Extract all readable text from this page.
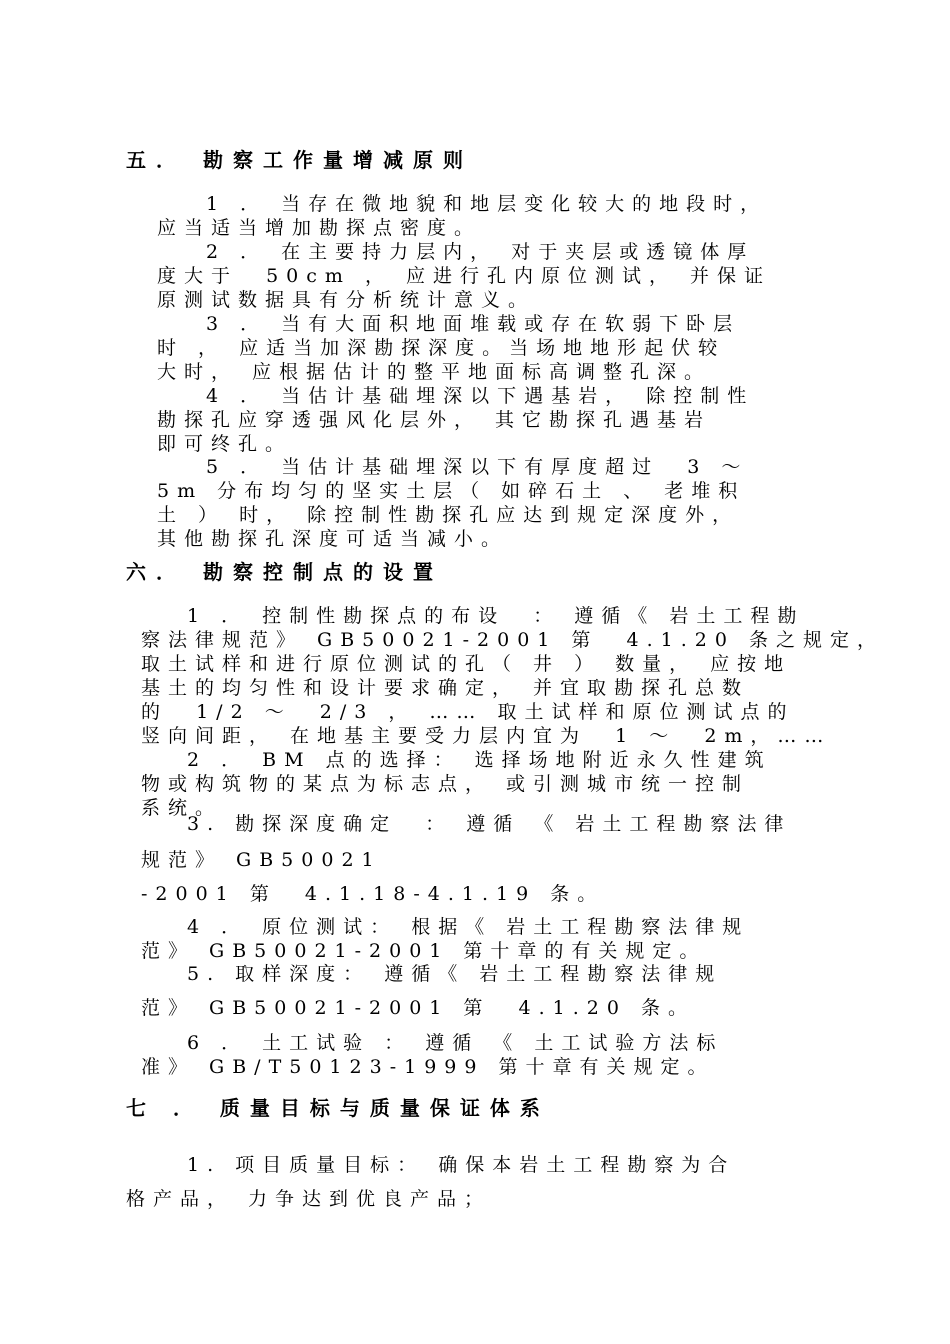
五． 勘察工作量增减原则
1 ． 当存在微地貌和地层变化较大的地段时，
应当适当增加勘探点密度。
2 ． 在主要持力层内， 对于夹层或透镜体厚
度大于  50cm ， 应进行孔内原位测试， 并保证
原测试数据具有分析统计意义。
3 ． 当有大面积地面堆载或存在软弱下卧层
时 ， 应适当加深勘探深度。当场地地形起伏较
大时， 应根据估计的整平地面标高调整孔深。
4 ． 当估计基础埋深以下遇基岩， 除控制性
勘探孔应穿透强风化层外， 其它勘探孔遇基岩
即可终孔。
5 ． 当估计基础埋深以下有厚度超过  3 ～
5m 分布均匀的坚实土层（ 如碎石土 、 老堆积
土 ） 时， 除控制性勘探孔应达到规定深度外，
其他勘探孔深度可适当减小。
六． 勘察控制点的设置
1 ． 控制性勘探点的布设  ： 遵循《 岩土工程勘
察法律规范》 GB50021-2001 第  4.1.20 条之规定，
取土试样和进行原位测试的孔（ 井 ） 数量， 应按地
基土的均匀性和设计要求确定， 并宜取勘探孔总数
的  1/2 ～  2/3 ， …… 取土试样和原位测试点的
竖向间距， 在地基主要受力层内宜为  1 ～  2m，……
2 ． BM 点的选择： 选择场地附近永久性建筑
物或构筑物的某点为标志点， 或引测城市统一控制
系统。
3. 勘探深度确定  ： 遵循 《 岩土工程勘察法律
规范》 GB50021
-2001 第  4.1.18-4.1.19 条。
4 ． 原位测试： 根据《 岩土工程勘察法律规
范》 GB50021-2001 第十章的有关规定。
5. 取样深度： 遵循《 岩土工程勘察法律规
范》 GB50021-2001 第  4.1.20 条。
6 ． 土工试验 ： 遵循 《 土工试验方法标
准》 GB/T50123-1999 第十章有关规定。
七 ． 质量目标与质量保证体系
1. 项目质量目标： 确保本岩土工程勘察为合
格产品， 力争达到优良产品；
